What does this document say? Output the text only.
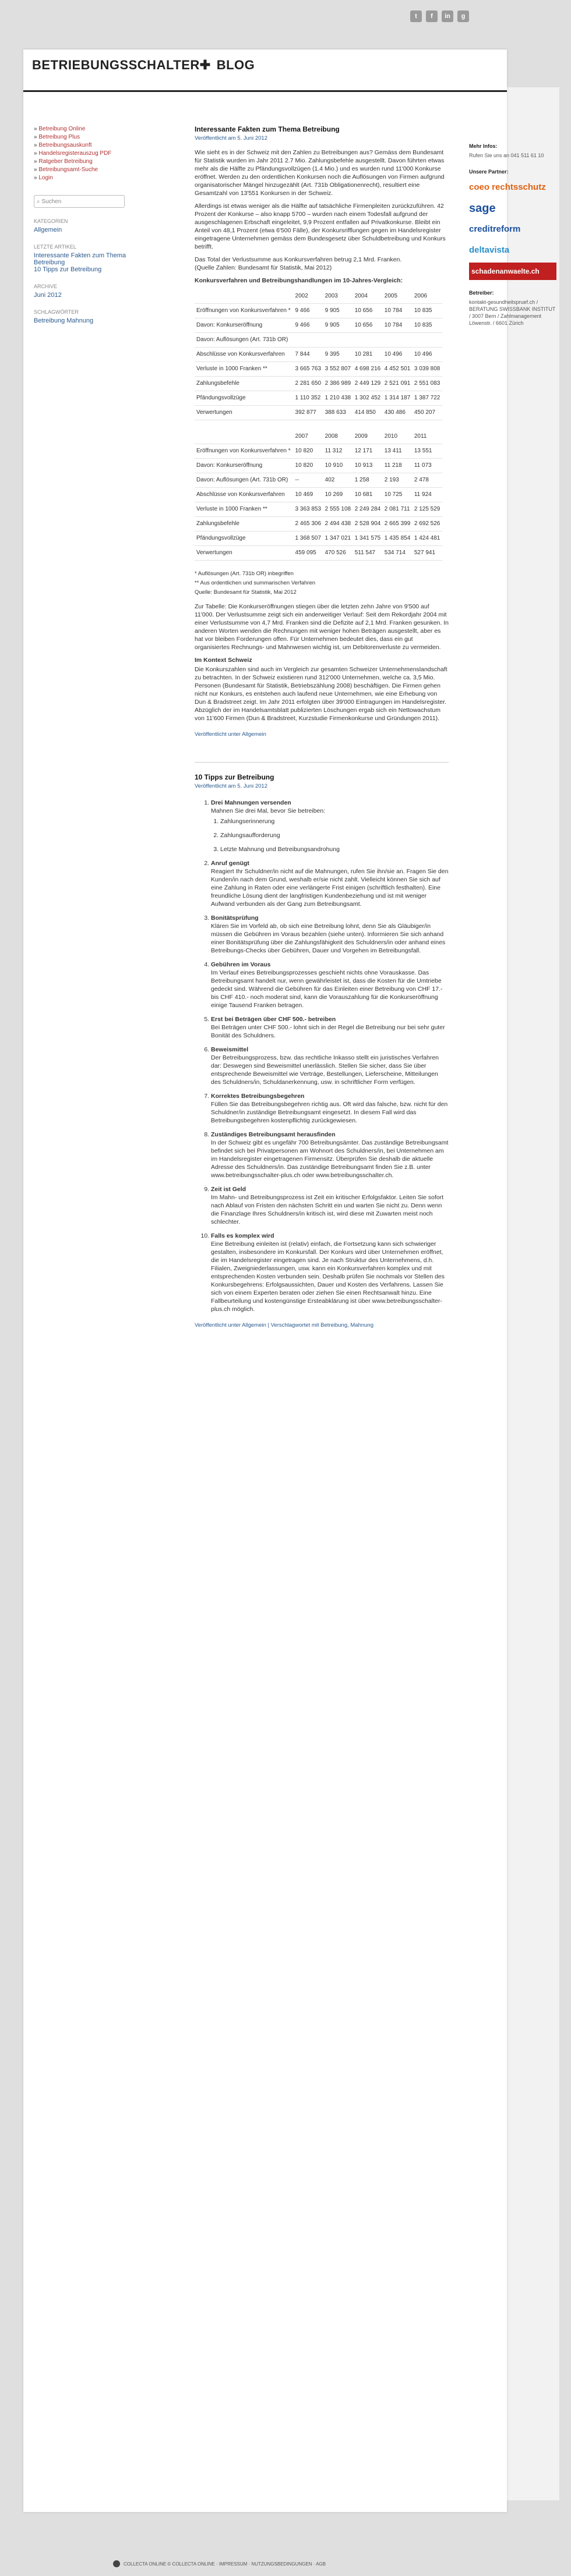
t	f	in	g
BETRIEBUNGSSCHALTER✚ BLOG
» Betreibung Online
» Betreibung Plus
» Betreibungsauskunft
» Handelsregisterauszug PDF
» Ratgeber Betreibung
» Betreibungsamt-Suche
» Login
⌕ Suchen
KATEGORIEN
Allgemein
LETZTE ARTIKEL
Interessante Fakten zum Thema Betreibung
10 Tipps zur Betreibung
ARCHIVE
Juni 2012
SCHLAGWÖRTER
Betreibung Mahnung
Interessante Fakten zum Thema Betreibung
Veröffentlicht am 5. Juni 2012

Wie sieht es in der Schweiz mit den Zahlen zu Betreibungen aus? Gemäss dem Bundesamt für Statistik wurden im Jahr 2011 2.7 Mio. Zahlungsbefehle ausgestellt. Davon führten etwas mehr als die Hälfte zu Pfändungsvollzügen (1.4 Mio.) und es wurden rund 11'000 Konkurse eröffnet. Werden zu den ordentlichen Konkursen noch die Auflösungen von Firmen aufgrund organisatorischer Mängel hinzugezählt (Art. 731b Obligationenrecht), resultiert eine Gesamtzahl von 13'551 Konkursen in der Schweiz.

Allerdings ist etwas weniger als die Hälfte auf tatsächliche Firmenpleiten zurückzuführen. 42 Prozent der Konkurse – also knapp 5700 – wurden nach einem Todesfall aufgrund der ausgeschlagenen Erbschaft eingeleitet, 9,9 Prozent entfallen auf Privatkonkurse. Bleibt ein Anteil von 48,1 Prozent (etwa 6'500 Fälle), der Konkursrifflungen gegen im Handelsregister eingetragene Unternehmen gemäss dem Bundesgesetz über Schuldbetreibung und Konkurs betrifft.

Das Total der Verlustsumme aus Konkursverfahren betrug 2,1 Mrd. Franken.
(Quelle Zahlen: Bundesamt für Statistik, Mai 2012)

Konkursverfahren und Betreibungshandlungen im 10-Jahres-Vergleich:

	2002	2003	2004	2005	2006
Eröffnungen von Konkursverfahren *	9 466	9 905	10 656	10 784	10 835
Davon: Konkurseröffnung	9 466	9 905	10 656	10 784	10 835
Davon: Auflösungen (Art. 731b OR)					
Abschlüsse von Konkursverfahren	7 844	9 395	10 281	10 496	10 496
Verluste in 1000 Franken **	3 665 763	3 552 807	4 698 216	4 452 501	3 039 808
Zahlungsbefehle	2 281 650	2 386 989	2 449 129	2 521 091	2 551 083
Pfändungsvollzüge	1 110 352	1 210 438	1 302 452	1 314 187	1 387 722
Verwertungen	392 877	388 633	414 850	430 486	450 207
	2007	2008	2009	2010	2011
Eröffnungen von Konkursverfahren *	10 820	11 312	12 171	13 411	13 551
Davon: Konkurseröffnung	10 820	10 910	10 913	11 218	11 073
Davon: Auflösungen (Art. 731b OR)	--	402	1 258	2 193	2 478
Abschlüsse von Konkursverfahren	10 469	10 269	10 681	10 725	11 924
Verluste in 1000 Franken **	3 363 853	2 555 108	2 249 284	2 081 711	2 125 529
Zahlungsbefehle	2 465 306	2 494 438	2 528 904	2 665 399	2 692 526
Pfändungsvollzüge	1 368 507	1 347 021	1 341 575	1 435 854	1 424 481
Verwertungen	459 095	470 526	511 547	534 714	527 941
* Auflösungen (Art. 731b OR) inbegriffen
** Aus ordentlichen und summarischen Verfahren
Quelle: Bundesamt für Statistik, Mai 2012

Zur Tabelle: Die Konkurseröffnungen stiegen über die letzten zehn Jahre von 9'500 auf 11'000. Der Verlustsumme zeigt sich ein anderweitiger Verlauf: Seit dem Rekordjahr 2004 mit einer Verlustsumme von 4,7 Mrd. Franken sind die Defizite auf 2,1 Mrd. Franken gesunken. In anderen Worten wenden die Rechnungen mit weniger hohen Beträgen ausgestellt, aber es hat vor bleiben Forderungen offen. Für Unternehmen bedeutet dies, dass ein gut organisiertes Rechnungs- und Mahnwesen wichtig ist, um Debitorenverluste zu vermeiden.

Im Kontext Schweiz

Die Konkurszahlen sind auch im Vergleich zur gesamten Schweizer Unternehmenslandschaft zu betrachten. In der Schweiz existieren rund 312'000 Unternehmen, welche ca. 3,5 Mio. Personen (Bundesamt für Statistik, Betriebszählung 2008) beschäftigen. Die Firmen gehen nicht nur Konkurs, es entstehen auch laufend neue Unternehmen, wie eine Erhebung von Dun & Bradstreet zeigt. Im Jahr 2011 erfolgten über 39'000 Eintragungen im Handelsregister. Abzüglich der im Handelsamtsblatt publizierten Löschungen ergab sich ein Nettowachstum von 11'600 Firmen (Dun & Bradstreet, Kurzstudie Firmenkonkurse und Gründungen 2011).

Veröffentlicht unter Allgemein
10 Tipps zur Betreibung
Veröffentlicht am 5. Juni 2012
1. Drei Mahnungen versenden
Mahnen Sie drei Mal, bevor Sie betreiben:
1. Zahlungserinnerung
2. Zahlungsaufforderung
3. Letzte Mahnung und Betreibungsandrohung
2. Anruf genügt
Reagiert Ihr Schuldner/in nicht auf die Mahnungen, rufen Sie ihn/sie an. Fragen Sie den Kunden/in nach dem Grund, weshalb er/sie nicht zahlt. Vielleicht können Sie sich auf eine Zahlung in Raten oder eine verlängerte Frist einigen (schriftlich festhalten). Eine freundliche Lösung dient der langfristigen Kundenbeziehung und ist mit weniger Aufwand verbunden als der Gang zum Betreibungsamt.
3. Bonitätsprüfung
Klären Sie im Vorfeld ab, ob sich eine Betreibung lohnt, denn Sie als Gläubiger/in müssen die Gebühren im Voraus bezahlen (siehe unten). Informieren Sie sich anhand einer Bonitätsprüfung über die Zahlungsfähigkeit des Schuldners/in oder anhand eines Betreibungs-Checks über Gebühren, Dauer und Vorgehen im Betreibungsfall.
4. Gebühren im Voraus
Im Verlauf eines Betreibungsprozesses geschieht nichts ohne Vorauskasse. Das Betreibungsamt handelt nur, wenn gewährleistet ist, dass die Kosten für die Umtriebe gedeckt sind. Während die Gebühren für das Einleiten einer Betreibung von CHF 17.- bis CHF 410.- noch moderat sind, kann die Vorauszahlung für die Konkurseröffnung einige Tausend Franken betragen.
5. Erst bei Beträgen über CHF 500.- betreiben
Bei Beträgen unter CHF 500.- lohnt sich in der Regel die Betreibung nur bei sehr guter Bonität des Schuldners.
6. Beweismittel
Der Betreibungsprozess, bzw. das rechtliche Inkasso stellt ein juristisches Verfahren dar: Deswegen sind Beweismittel unerlässlich. Stellen Sie sicher, dass Sie über entsprechende Beweismittel wie Verträge, Bestellungen, Lieferscheine, Mitteilungen des Schuldners/in, Schuldanerkennung, usw. in schriftlicher Form verfügen.
7. Korrektes Betreibungsbegehren
Füllen Sie das Betreibungsbegehren richtig aus. Oft wird das falsche, bzw. nicht für den Schuldner/in zuständige Betreibungsamt eingesetzt. In diesem Fall wird das Betreibungsbegehren kostenpflichtig zurückgewiesen.
8. Zuständiges Betreibungsamt herausfinden
In der Schweiz gibt es ungefähr 700 Betreibungsämter. Das zuständige Betreibungsamt befindet sich bei Privatpersonen am Wohnort des Schuldners/in, bei Unternehmen am im Handelsregister eingetragenen Firmensitz. Überprüfen Sie deshalb die aktuelle Adresse des Schuldners/in. Das zuständige Betreibungsamt finden Sie z.B. unter www.betreibungsschalter-plus.ch oder www.betreibungsschalter.ch.
9. Zeit ist Geld
Im Mahn- und Betreibungsprozess ist Zeit ein kritischer Erfolgsfaktor. Leiten Sie sofort nach Ablauf von Fristen den nächsten Schritt ein und warten Sie nicht zu. Denn wenn die Finanzlage Ihres Schuldners/in kritisch ist, wird diese mit Zuwarten meist noch schlechter.
10. Falls es komplex wird
Eine Betreibung einleiten ist (relativ) einfach, die Fortsetzung kann sich schwieriger gestalten, insbesondere im Konkursfall. Der Konkurs wird über Unternehmen eröffnet, die im Handelsregister eingetragen sind. Je nach Struktur des Unternehmens, d.h. Filialen, Zweigniederlassungen, usw. kann ein Konkursverfahren komplex und mit entsprechenden Kosten verbunden sein. Deshalb prüfen Sie nochmals vor Stellen des Konkursbegehrens: Erfolgsaussichten, Dauer und Kosten des Verfahrens. Lassen Sie sich von einem Experten beraten oder ziehen Sie einen Rechtsanwalt hinzu. Eine Fallbeurteilung und kostengünstige Ersteabklärung ist über www.betreibungsschalter-plus.ch möglich.
Veröffentlicht unter Allgemein | Verschlagwortet mit Betreibung, Mahnung
Mehr Infos:
Rufen Sie uns an 041 511 61 10
Unsere Partner:
coeo rechtsschutz
sage
creditreform
deltavista
schadenanwaelte.ch
Betreiber:
kontakt-gesundheitspruef.ch / BERATUNG SWISSBANK INSTITUT / 3007 Bern / Zahlmanagement Löwenstr. / 6601 Zürich
COLLECTA ONLINE © COLLECTA ONLINE · IMPRESSUM · NUTZUNGSBEDINGUNGEN · AGB
